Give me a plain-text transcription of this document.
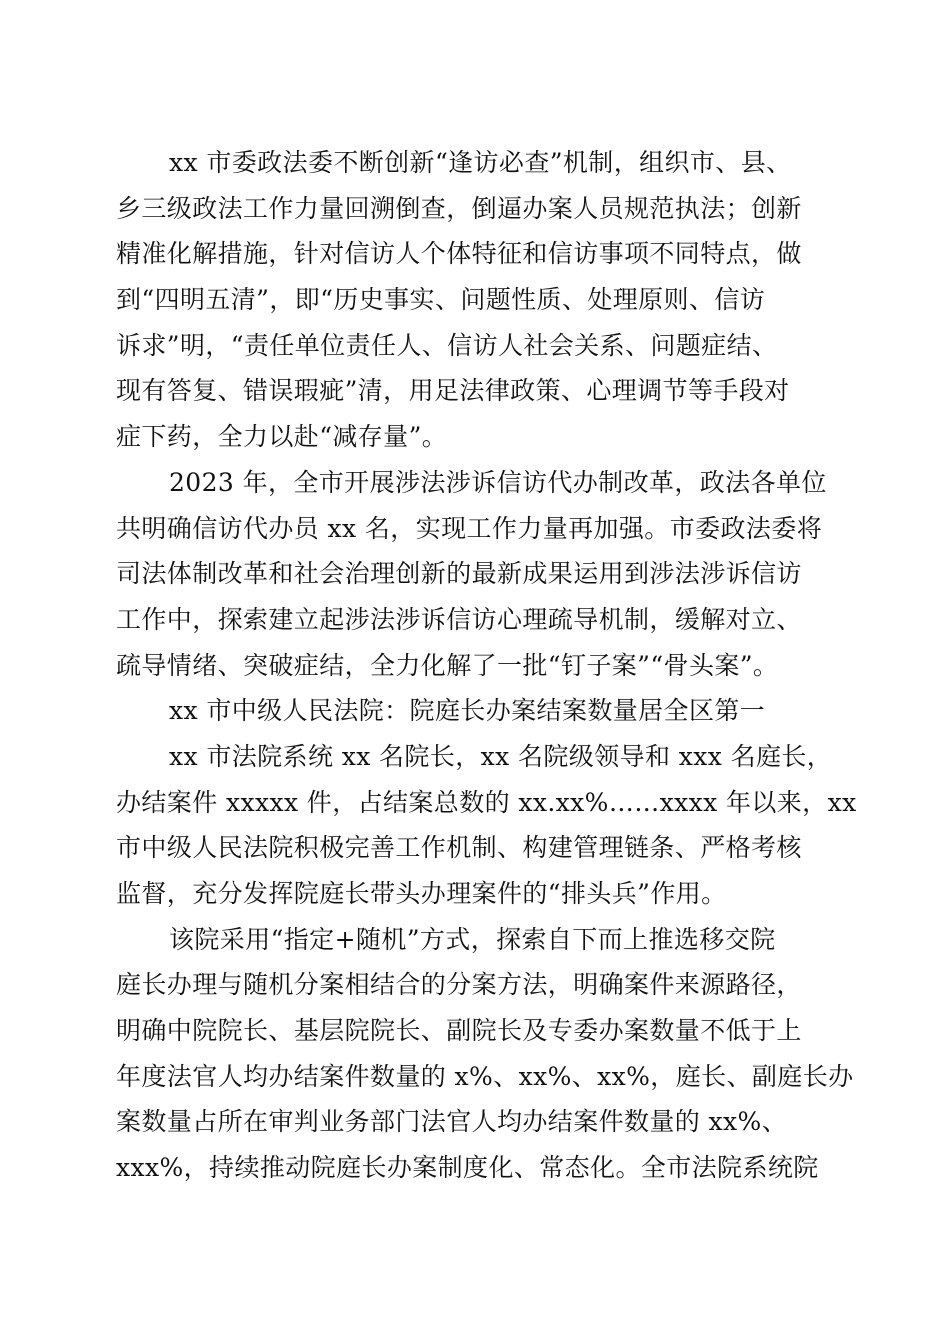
xx 市委政法委不断创新“逢访必查”机制，组织市、县、
乡三级政法工作力量回溯倒查，倒逼办案人员规范执法；创新
精准化解措施，针对信访人个体特征和信访事项不同特点，做
到“四明五清”，即“历史事实、问题性质、处理原则、信访
诉求”明，“责任单位责任人、信访人社会关系、问题症结、
现有答复、错误瑕疵”清，用足法律政策、心理调节等手段对
症下药，全力以赴“减存量”。
2023 年，全市开展涉法涉诉信访代办制改革，政法各单位
共明确信访代办员 xx 名，实现工作力量再加强。市委政法委将
司法体制改革和社会治理创新的最新成果运用到涉法涉诉信访
工作中，探索建立起涉法涉诉信访心理疏导机制，缓解对立、
疏导情绪、突破症结，全力化解了一批“钉子案”“骨头案”。
xx 市中级人民法院：院庭长办案结案数量居全区第一
xx 市法院系统 xx 名院长，xx 名院级领导和 xxx 名庭长，
办结案件 xxxxx 件，占结案总数的 xx.xx%……xxxx 年以来，xx
市中级人民法院积极完善工作机制、构建管理链条、严格考核
监督，充分发挥院庭长带头办理案件的“排头兵”作用。
该院采用“指定+随机”方式，探索自下而上推选移交院
庭长办理与随机分案相结合的分案方法，明确案件来源路径，
明确中院院长、基层院院长、副院长及专委办案数量不低于上
年度法官人均办结案件数量的 x%、xx%、xx%，庭长、副庭长办
案数量占所在审判业务部门法官人均办结案件数量的 xx%、
xxx%，持续推动院庭长办案制度化、常态化。全市法院系统院
